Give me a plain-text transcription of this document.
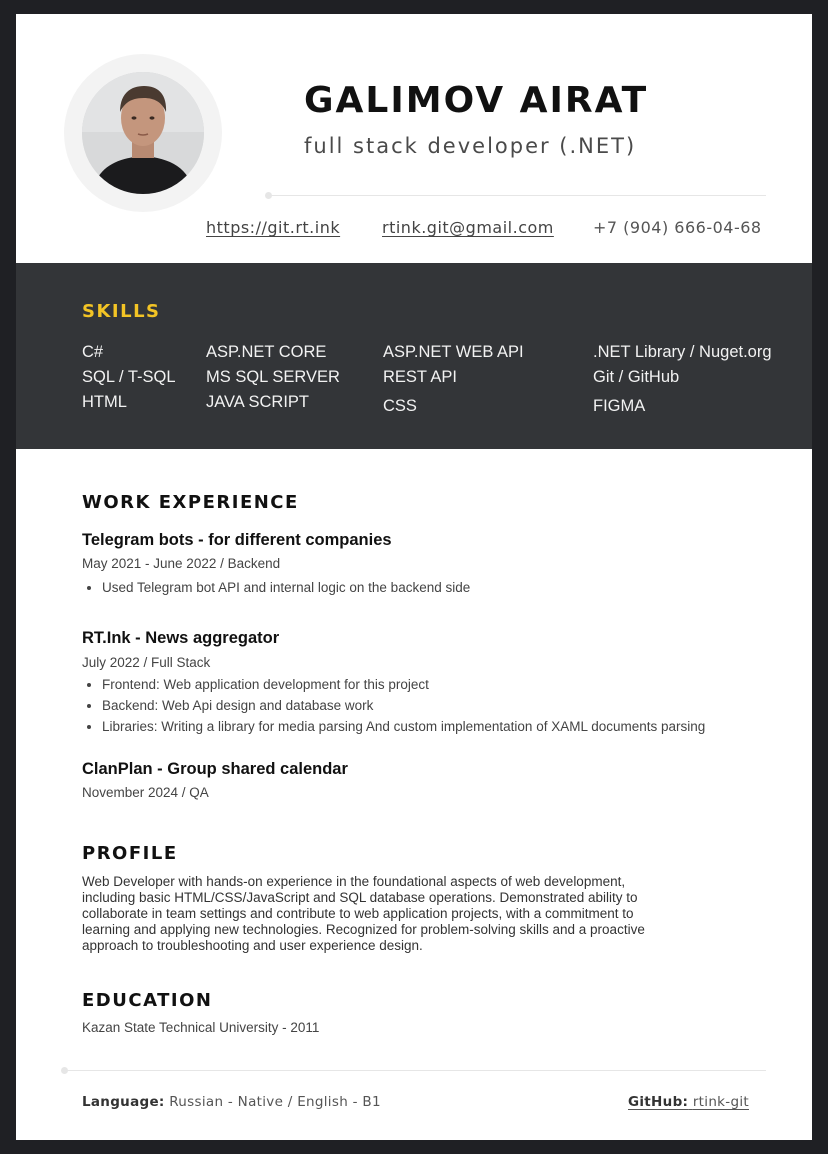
GALIMOV AIRAT

full stack developer (.NET)

https://git.rt.ink	rtink.git@gmail.com +7 (904) 666-04-68
SKILLS
C#
SQL / T-SQL
HTML
ASP.NET CORE
MS SQL SERVER
JAVA SCRIPT
ASP.NET WEB API
REST API
CSS
.NET Library / Nuget.org
Git / GitHub
FIGMA
WORK EXPERIENCE
Telegram bots - for different companies
May 2021 - June 2022 / Backend
• Used Telegram bot API and internal logic on the backend side
RT.Ink - News aggregator
July 2022 / Full Stack
• Frontend: Web application development for this project
• Backend: Web Api design and database work
• Libraries: Writing a library for media parsing And custom implementation of XAML documents parsing
ClanPlan - Group shared calendar
November 2024 / QA
PROFILE

Web Developer with hands-on experience in the foundational aspects of web development, including basic HTML/CSS/JavaScript and SQL database operations. Demonstrated ability to collaborate in team settings and contribute to web application projects, with a commitment to learning and applying new technologies. Recognized for problem-solving skills and a proactive approach to troubleshooting and user experience design.

EDUCATION
Kazan State Technical University - 2011
Language: Russian - Native / English - B1	GitHub: rtink-git
